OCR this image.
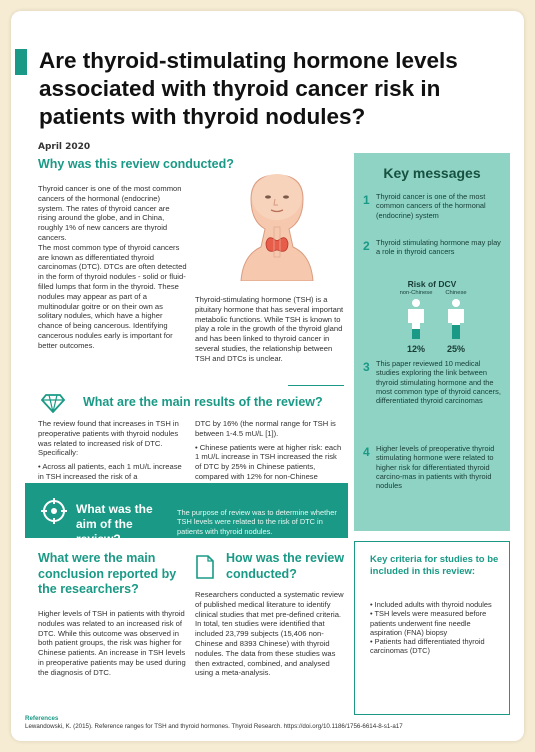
Are thyroid-stimulating hormone levels associated with thyroid cancer risk in patients with thyroid nodules?
April 2020
Why was this review conducted?

Thyroid cancer is one of the most common cancers of the hormonal (endocrine) system. The rates of thyroid cancer are rising around the globe, and in China, roughly 1% of new cancers are thyroid cancers.

The most common type of thyroid cancers are known as differentiated thyroid carcinomas (DTC). DTCs are often detected in the form of thyroid nodules - solid or fluid-filled lumps that form in the thyroid. These nodules may appear as part of a multinodular goitre or on their own as solitary nodules, which have a higher chance of being cancerous. Identifying cancerous nodules early is important for better outcomes.

Thyroid-stimulating hormone (TSH) is a pituitary hormone that has several important metabolic functions. While TSH is known to play a role in the growth of the thyroid gland and has been linked to thyroid cancer in several studies, the relationship between TSH and DTCs is unclear.
Key messages
1 Thyroid cancer is one of the most common cancers of the hormonal (endocrine) system
2 Thyroid stimulating hormone may play a role in thyroid cancers
Risk of DCV
non-Chinese	Chinese
12%	25%
3 This paper reviewed 10 medical studies exploring the link between thyroid stimulating hormone and the most common type of thyroid cancers, differentiated thyroid carcinomas
4 Higher levels of preoperative thyroid stimulating hormone were related to higher risk for differentiated thyroid carcino-mas in patients with thyroid nodules
What are the main results of the review?

The review found that increases in TSH in preoperative patients with thyroid nodules was related to increased risk of DTC. Specifically:

• Across all patients, each 1 mU/L increase in TSH increased the risk of a

DTC by 16% (the normal range for TSH is between 1-4.5 mU/L [1]).

• Chinese patients were at higher risk: each 1 mU/L increase in TSH increased the risk of DTC by 25% in Chinese patients, compared with 12% for non-Chinese

What was the aim of the review?
The purpose of review was to determine whether TSH levels were related to the risk of DTC in patients with thyroid nodules.
What were the main conclusion reported by the researchers?
Higher levels of TSH in patients with thyroid nodules was related to an increased risk of DTC. While this outcome was observed in both patient groups, the risk was higher for Chinese patients. An increase in TSH levels in preoperative patients may be used during the diagnosis of DTC.
How was the review conducted?
Researchers conducted a systematic review of published medical literature to identify clinical studies that met pre-defined criteria. In total, ten studies were identified that included 23,799 subjects (15,406 non-Chinese and 8393 Chinese) with thyroid nodules. The data from these studies was then extracted, combined, and analysed using a meta-analysis.
Key criteria for studies to be included in this review:
• Included adults with thyroid nodules
• TSH levels were measured before patients underwent fine needle aspiration (FNA) biopsy
• Patients had differentiated thyroid carcinomas (DTC)
References
Lewandowski, K. (2015). Reference ranges for TSH and thyroid hormones. Thyroid Research. https://doi.org/10.1186/1756-6614-8-s1-a17
